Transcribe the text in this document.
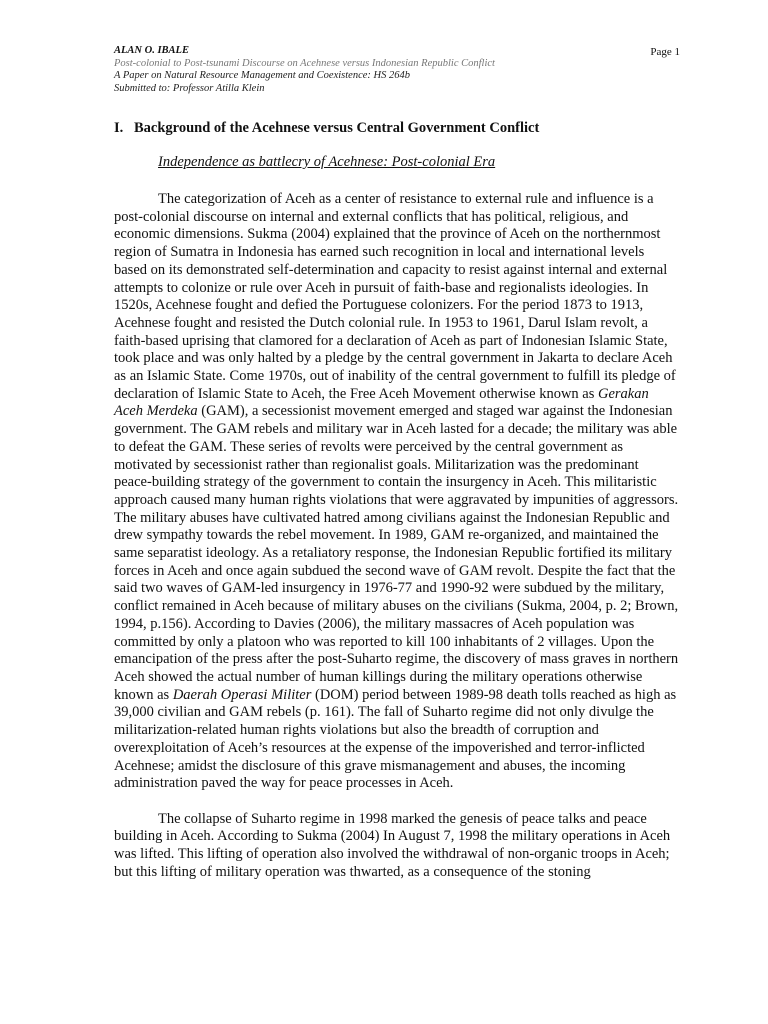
ALAN O. IBALE
Post-colonial to Post-tsunami Discourse on Acehnese versus Indonesian Republic Conflict
A Paper on Natural Resource Management and Coexistence: HS 264b
Submitted to: Professor Atilla Klein
Page 1
I. Background of the Acehnese versus Central Government Conflict
Independence as battlecry of Acehnese: Post-colonial Era

The categorization of Aceh as a center of resistance to external rule and influence is a post-colonial discourse on internal and external conflicts that has political, religious, and economic dimensions. Sukma (2004) explained that the province of Aceh on the northernmost region of Sumatra in Indonesia has earned such recognition in local and international levels based on its demonstrated self-determination and capacity to resist against internal and external attempts to colonize or rule over Aceh in pursuit of faith-base and regionalists ideologies. In 1520s, Acehnese fought and defied the Portuguese colonizers. For the period 1873 to 1913, Acehnese fought and resisted the Dutch colonial rule. In 1953 to 1961, Darul Islam revolt, a faith-based uprising that clamored for a declaration of Aceh as part of Indonesian Islamic State, took place and was only halted by a pledge by the central government in Jakarta to declare Aceh as an Islamic State. Come 1970s, out of inability of the central government to fulfill its pledge of declaration of Islamic State to Aceh, the Free Aceh Movement otherwise known as Gerakan Aceh Merdeka (GAM), a secessionist movement emerged and staged war against the Indonesian government. The GAM rebels and military war in Aceh lasted for a decade; the military was able to defeat the GAM. These series of revolts were perceived by the central government as motivated by secessionist rather than regionalist goals. Militarization was the predominant peace-building strategy of the government to contain the insurgency in Aceh. This militaristic approach caused many human rights violations that were aggravated by impunities of aggressors. The military abuses have cultivated hatred among civilians against the Indonesian Republic and drew sympathy towards the rebel movement. In 1989, GAM re-organized, and maintained the same separatist ideology. As a retaliatory response, the Indonesian Republic fortified its military forces in Aceh and once again subdued the second wave of GAM revolt. Despite the fact that the said two waves of GAM-led insurgency in 1976-77 and 1990-92 were subdued by the military, conflict remained in Aceh because of military abuses on the civilians (Sukma, 2004, p. 2; Brown, 1994, p.156). According to Davies (2006), the military massacres of Aceh population was committed by only a platoon who was reported to kill 100 inhabitants of 2 villages. Upon the emancipation of the press after the post-Suharto regime, the discovery of mass graves in northern Aceh showed the actual number of human killings during the military operations otherwise known as Daerah Operasi Militer (DOM) period between 1989-98 death tolls reached as high as 39,000 civilian and GAM rebels (p. 161). The fall of Suharto regime did not only divulge the militarization-related human rights violations but also the breadth of corruption and overexploitation of Aceh’s resources at the expense of the impoverished and terror-inflicted Acehnese; amidst the disclosure of this grave mismanagement and abuses, the incoming administration paved the way for peace processes in Aceh.

The collapse of Suharto regime in 1998 marked the genesis of peace talks and peace building in Aceh. According to Sukma (2004) In August 7, 1998 the military operations in Aceh was lifted. This lifting of operation also involved the withdrawal of non-organic troops in Aceh; but this lifting of military operation was thwarted, as a consequence of the stoning
